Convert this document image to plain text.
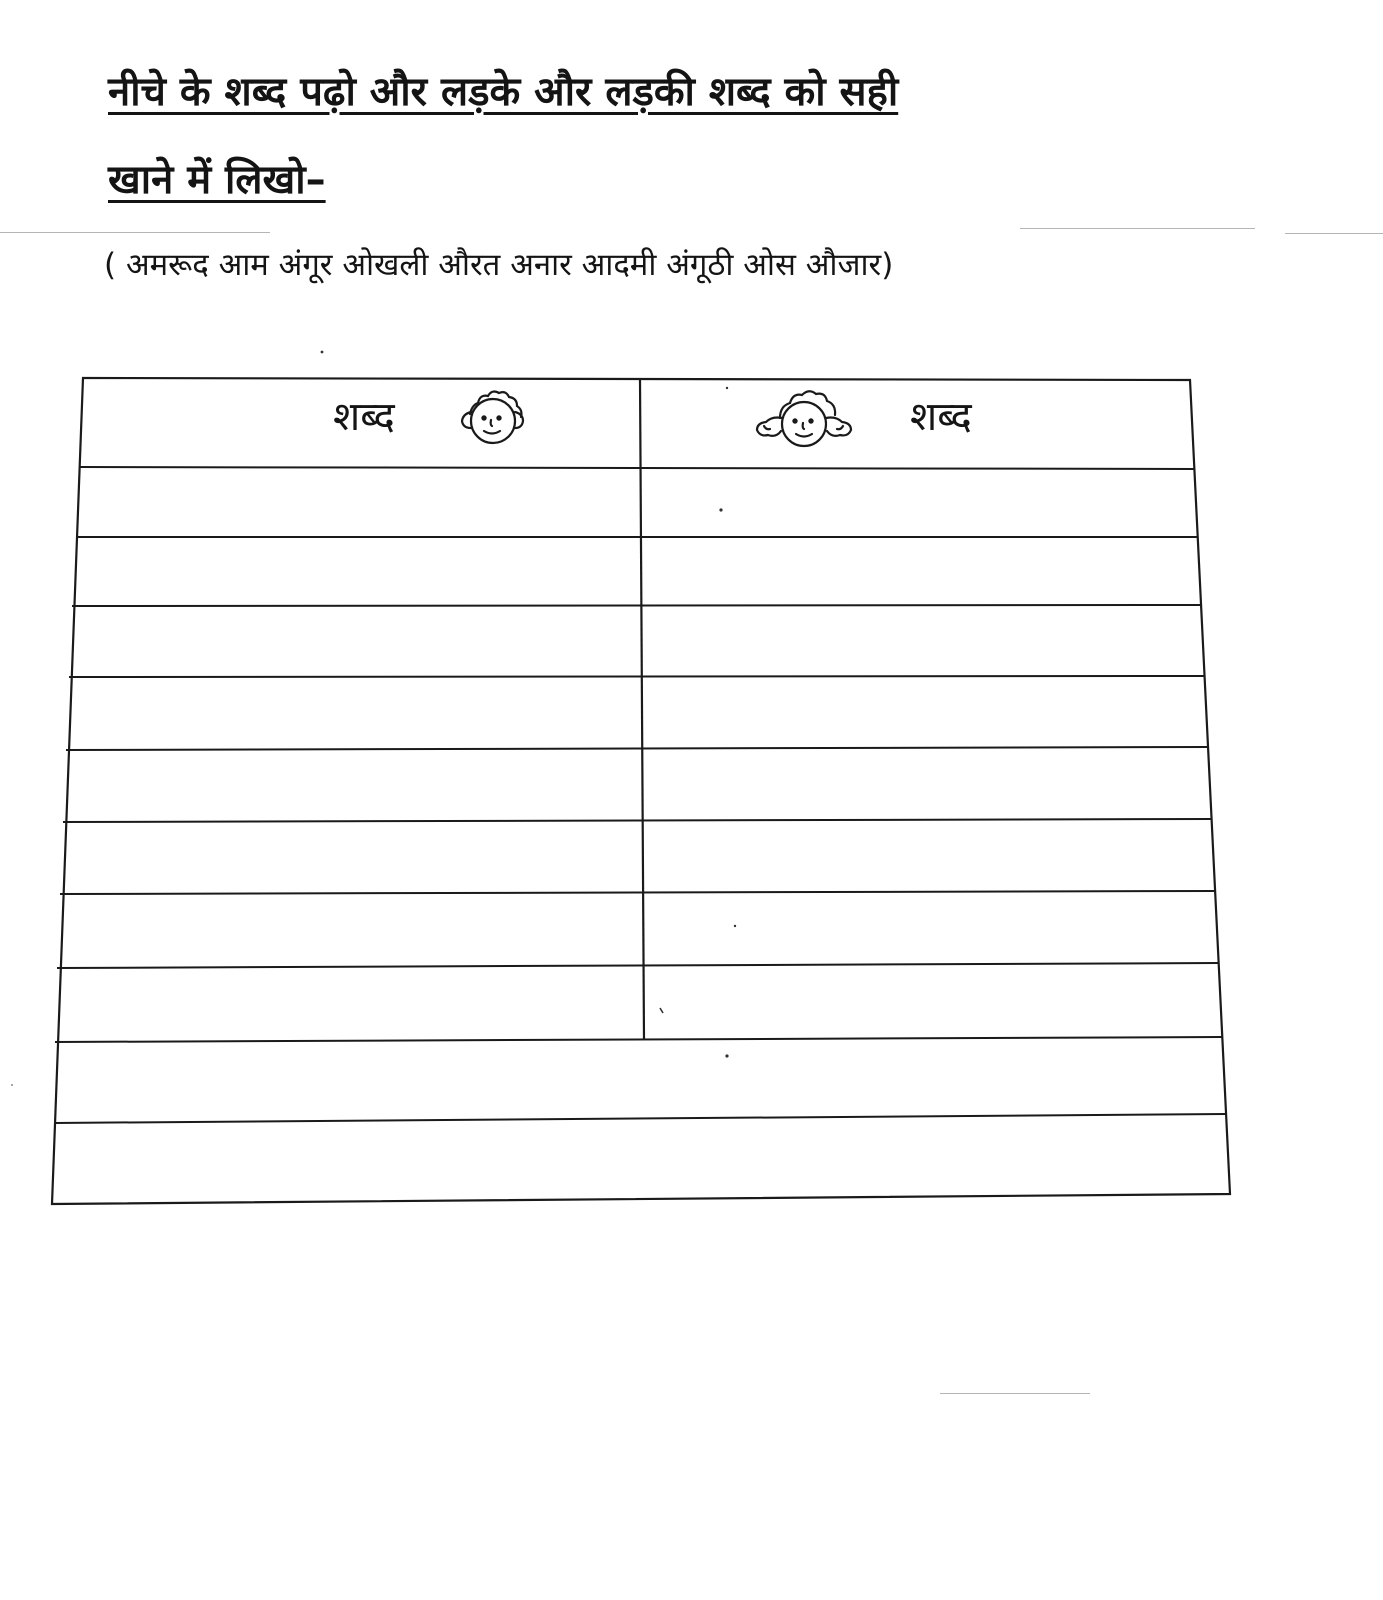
नीचे के शब्द पढ़ो और लड़के और लड़की शब्द को सही
खाने में लिखो–
( अमरूद आम अंगूर ओखली औरत अनार आदमी अंगूठी ओस औजार)
शब्द	शब्द
